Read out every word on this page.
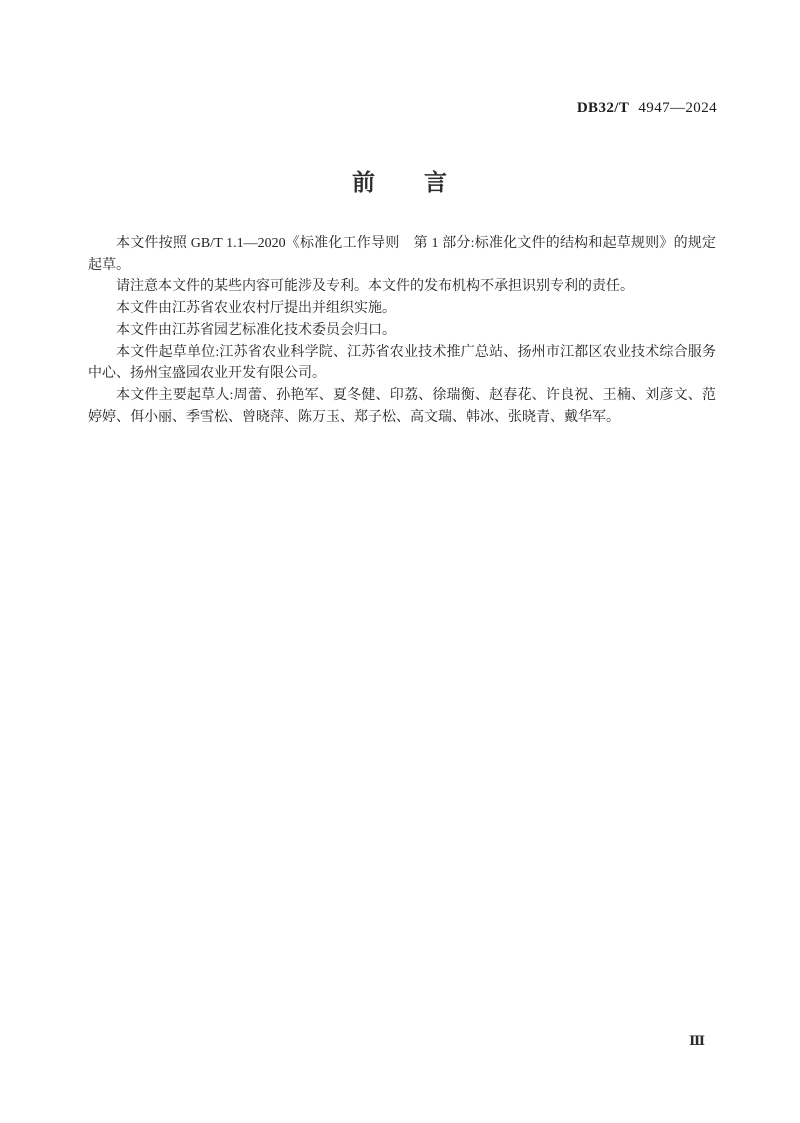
DB32/T 4947—2024
前　　言

本文件按照 GB/T 1.1—2020《标准化工作导则　第 1 部分:标准化文件的结构和起草规则》的规定起草。

请注意本文件的某些内容可能涉及专利。本文件的发布机构不承担识别专利的责任。

本文件由江苏省农业农村厅提出并组织实施。

本文件由江苏省园艺标准化技术委员会归口。

本文件起草单位:江苏省农业科学院、江苏省农业技术推广总站、扬州市江都区农业技术综合服务中心、扬州宝盛园农业开发有限公司。

本文件主要起草人:周蕾、孙艳军、夏冬健、印荔、徐瑞衡、赵春花、许良祝、王楠、刘彦文、范婷婷、佴小丽、季雪松、曾晓萍、陈万玉、郑子松、高文瑞、韩冰、张晓青、戴华军。

Ⅲ
